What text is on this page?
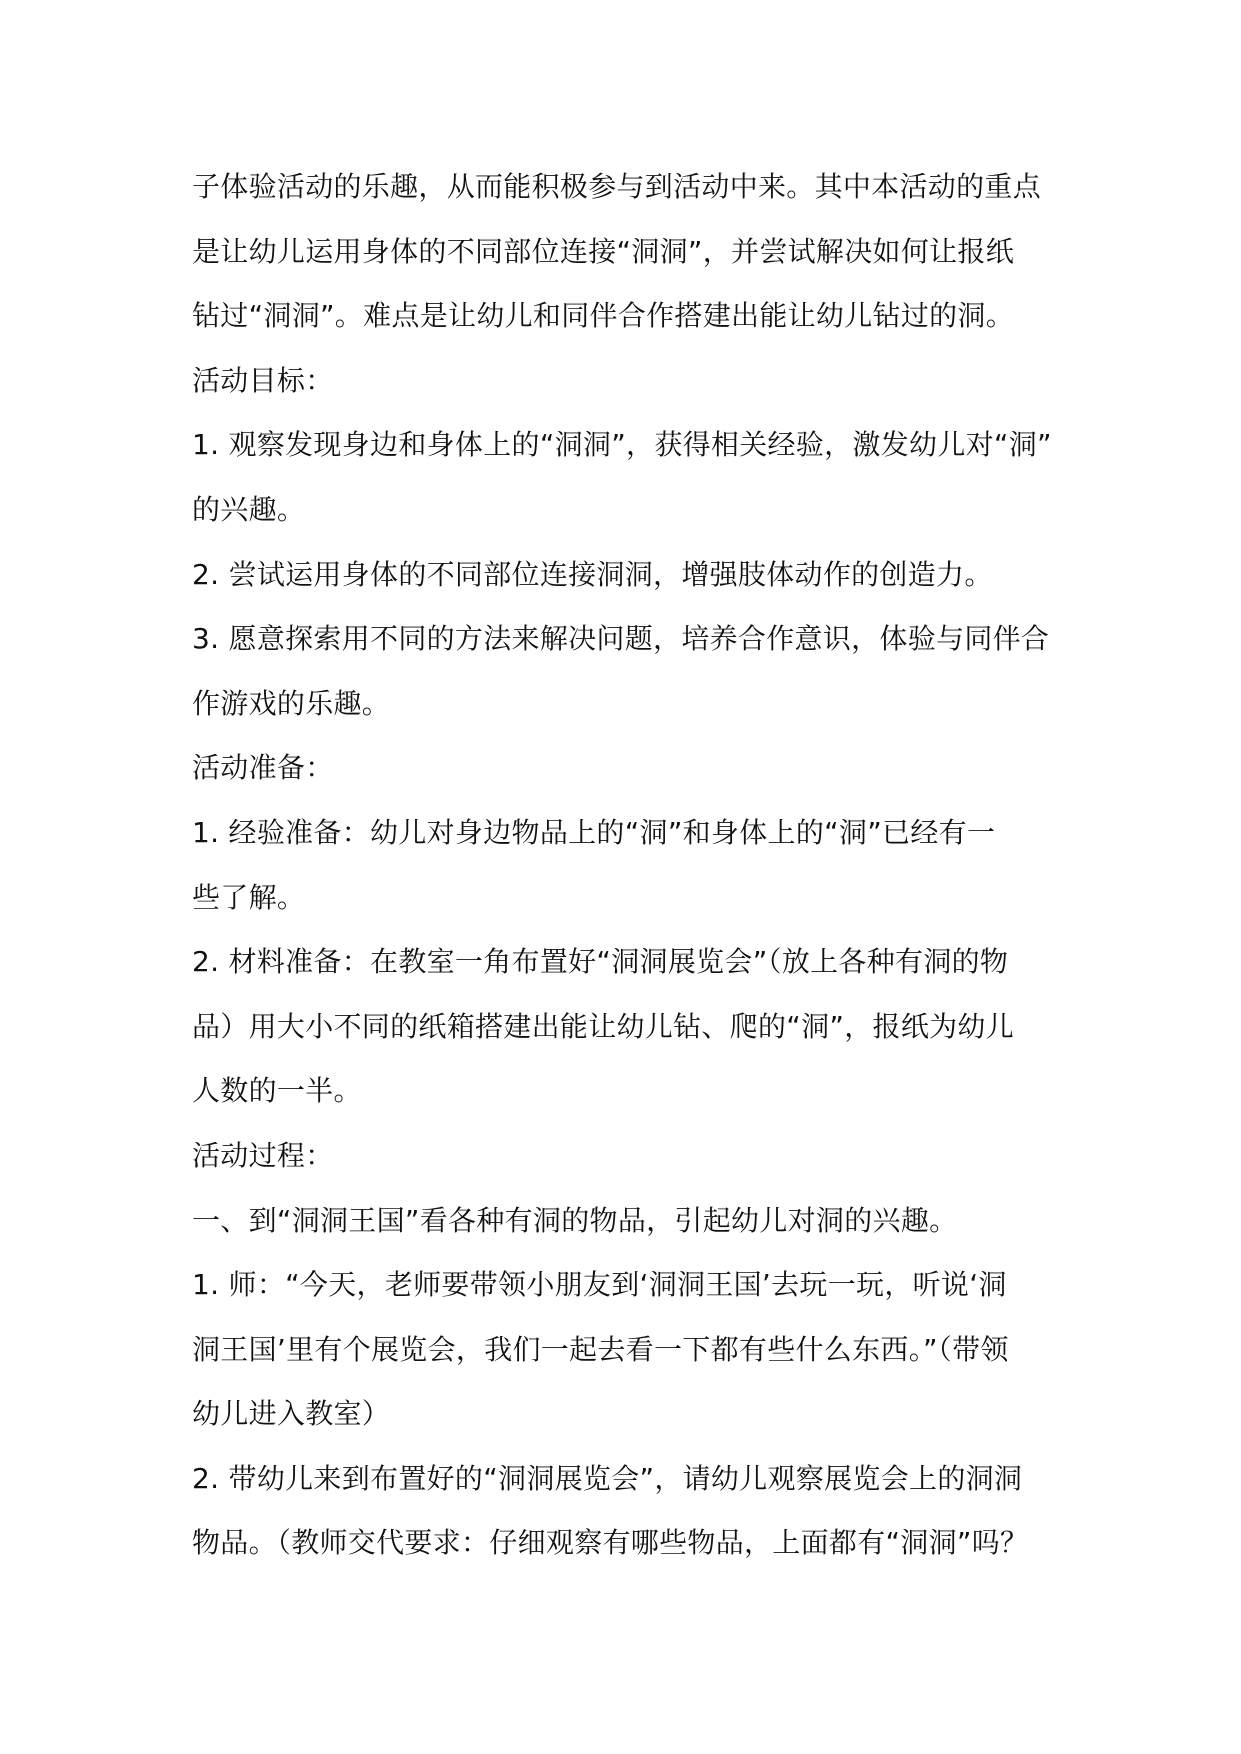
子体验活动的乐趣，从而能积极参与到活动中来。其中本活动的重点
是让幼儿运用身体的不同部位连接“洞洞”，并尝试解决如何让报纸
钻过“洞洞”。难点是让幼儿和同伴合作搭建出能让幼儿钻过的洞。
活动目标：
1. 观察发现身边和身体上的“洞洞”，获得相关经验，激发幼儿对“洞”
的兴趣。
2. 尝试运用身体的不同部位连接洞洞，增强肢体动作的创造力。
3. 愿意探索用不同的方法来解决问题，培养合作意识，体验与同伴合
作游戏的乐趣。
活动准备：
1. 经验准备：幼儿对身边物品上的“洞”和身体上的“洞”已经有一
些了解。
2. 材料准备：在教室一角布置好“洞洞展览会”（放上各种有洞的物
品）用大小不同的纸箱搭建出能让幼儿钻、爬的“洞”，报纸为幼儿
人数的一半。
活动过程：
一、到“洞洞王国”看各种有洞的物品，引起幼儿对洞的兴趣。
1. 师：“今天，老师要带领小朋友到‘洞洞王国’去玩一玩，听说‘洞
洞王国’里有个展览会，我们一起去看一下都有些什么东西。”（带领
幼儿进入教室）
2. 带幼儿来到布置好的“洞洞展览会”，请幼儿观察展览会上的洞洞
物品。（教师交代要求：仔细观察有哪些物品，上面都有“洞洞”吗？
